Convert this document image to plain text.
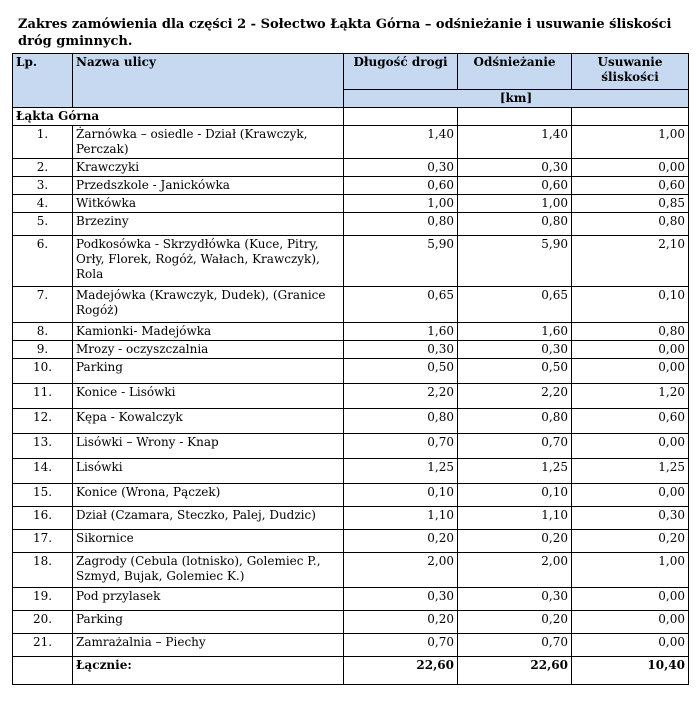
Zakres zamówienia dla części 2 - Sołectwo Łąkta Górna – odśnieżanie i usuwanie śliskości dróg gminnych.
Lp.	Nazwa ulicy	Długość drogi	Odśnieżanie	Usuwanie śliskości
		[km]		
Łąkta Górna				
1.	Żarnówka – osiedle - Dział (Krawczyk, Perczak)	1,40	1,40	1,00
2.	Krawczyki	0,30	0,30	0,00
3.	Przedszkole - Janickówka	0,60	0,60	0,60
4.	Witkówka	1,00	1,00	0,85
5.	Brzeziny	0,80	0,80	0,80
6.	Podkosówka - Skrzydłówka (Kuce, Pitry, Orły, Florek, Rogóż, Wałach, Krawczyk), Rola	5,90	5,90	2,10
7.	Madejówka (Krawczyk, Dudek), (Granice Rogóż)	0,65	0,65	0,10
8.	Kamionki- Madejówka	1,60	1,60	0,80
9.	Mrozy - oczyszczalnia	0,30	0,30	0,00
10.	Parking	0,50	0,50	0,00
11.	Konice - Lisówki	2,20	2,20	1,20
12.	Kępa - Kowalczyk	0,80	0,80	0,60
13.	Lisówki – Wrony - Knap	0,70	0,70	0,00
14.	Lisówki	1,25	1,25	1,25
15.	Konice (Wrona, Pączek)	0,10	0,10	0,00
16.	Dział (Czamara, Steczko, Palej, Dudzic)	1,10	1,10	0,30
17.	Sikornice	0,20	0,20	0,20
18.	Zagrody (Cebula (lotnisko), Golemiec P., Szmyd, Bujak, Golemiec K.)	2,00	2,00	1,00
19.	Pod przylasek	0,30	0,30	0,00
20.	Parking	0,20	0,20	0,00
21.	Zamrażalnia – Piechy	0,70	0,70	0,00
	Łącznie:	22,60	22,60	10,40
